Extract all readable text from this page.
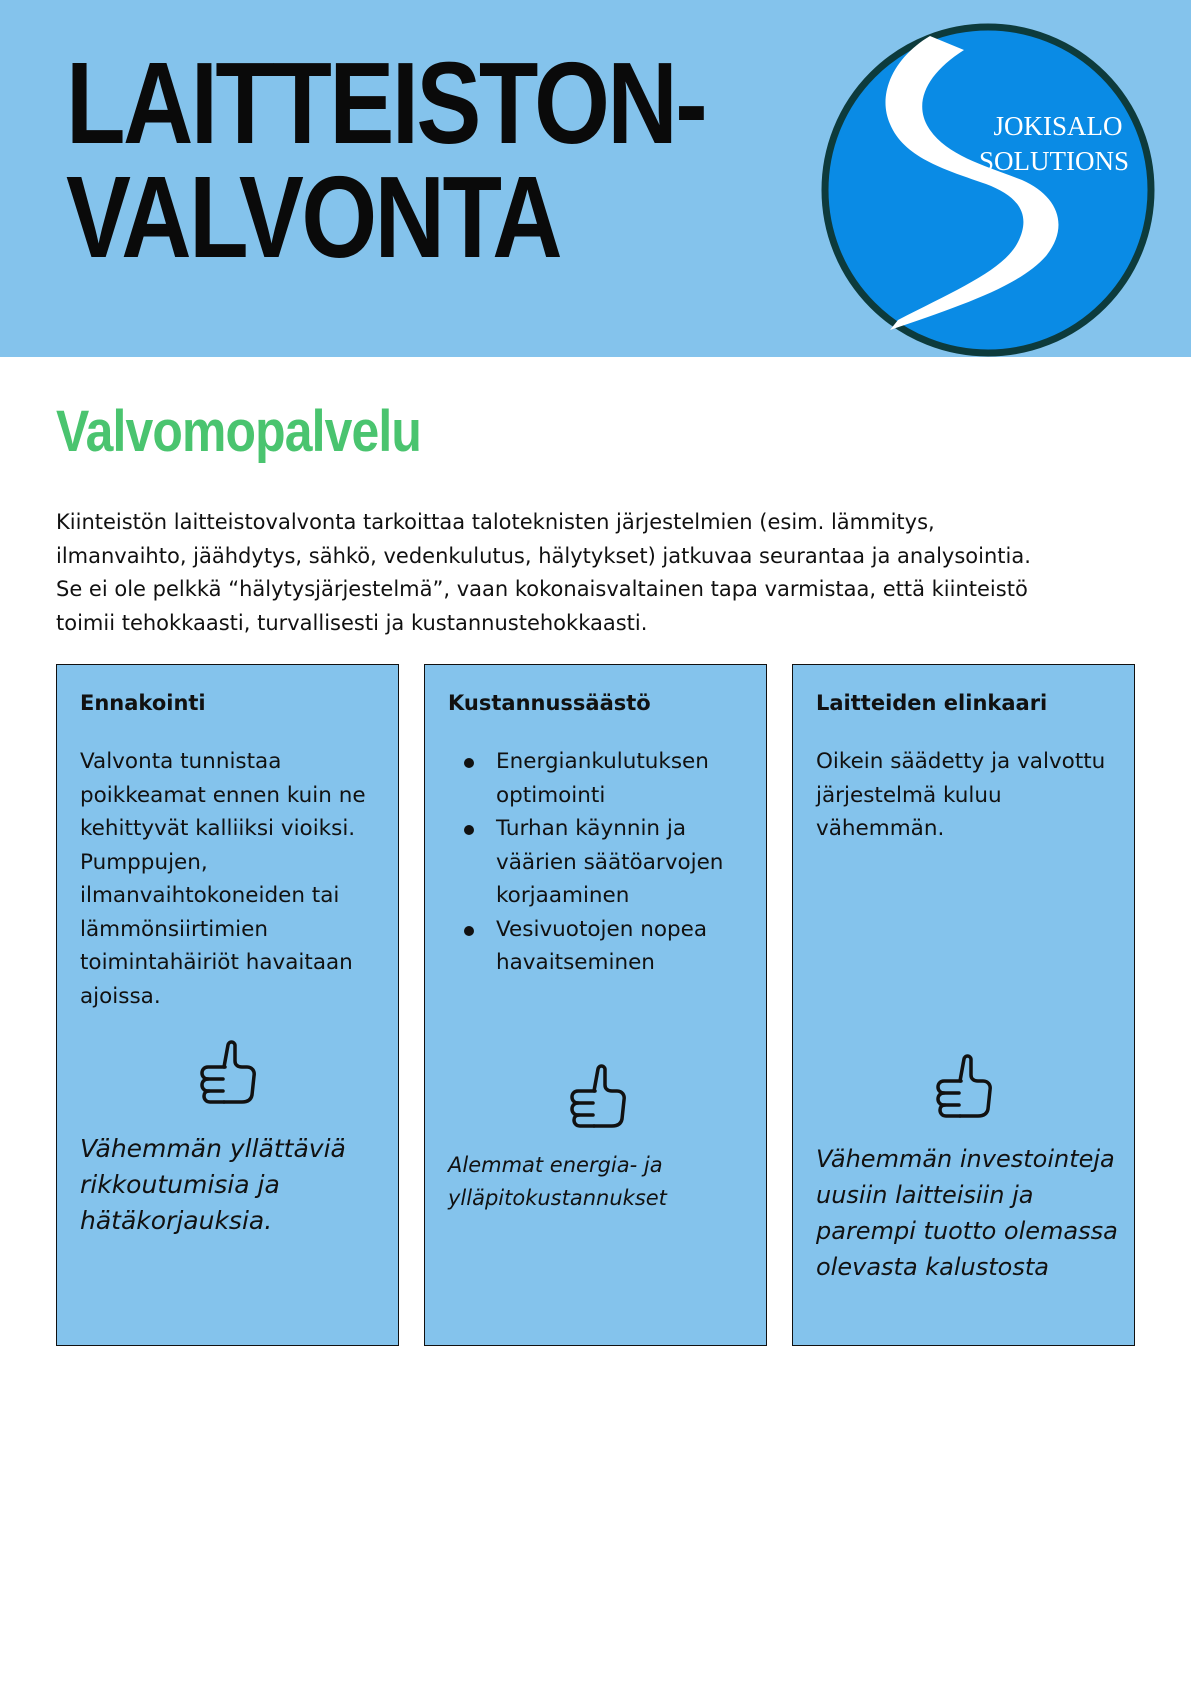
LAITTEISTON-
VALVONTA
JOKISALO
SOLUTIONS
Valvomopalvelu

Kiinteistön laitteistovalvonta tarkoittaa taloteknisten järjestelmien (esim. lämmitys, ilmanvaihto, jäähdytys, sähkö, vedenkulutus, hälytykset) jatkuvaa seurantaa ja analysointia. Se ei ole pelkkä “hälytysjärjestelmä”, vaan kokonaisvaltainen tapa varmistaa, että kiinteistö toimii tehokkaasti, turvallisesti ja kustannustehokkaasti.

Ennakointi

Valvonta tunnistaa poikkeamat ennen kuin ne kehittyvät kalliiksi vioiksi. Pumppujen, ilmanvaihtokoneiden tai lämmönsiirtimien toimintahäiriöt havaitaan ajoissa.

Vähemmän yllättäviä rikkoutumisia ja hätäkorjauksia.

Kustannussäästö
Energiankulutuksen optimointi
Turhan käynnin ja väärien säätöarvojen korjaaminen
Vesivuotojen nopea havaitseminen

Alemmat energia- ja ylläpitokustannukset

Laitteiden elinkaari

Oikein säädetty ja valvottu järjestelmä kuluu vähemmän.

Vähemmän investointeja uusiin laitteisiin ja parempi tuotto olemassa olevasta kalustosta
